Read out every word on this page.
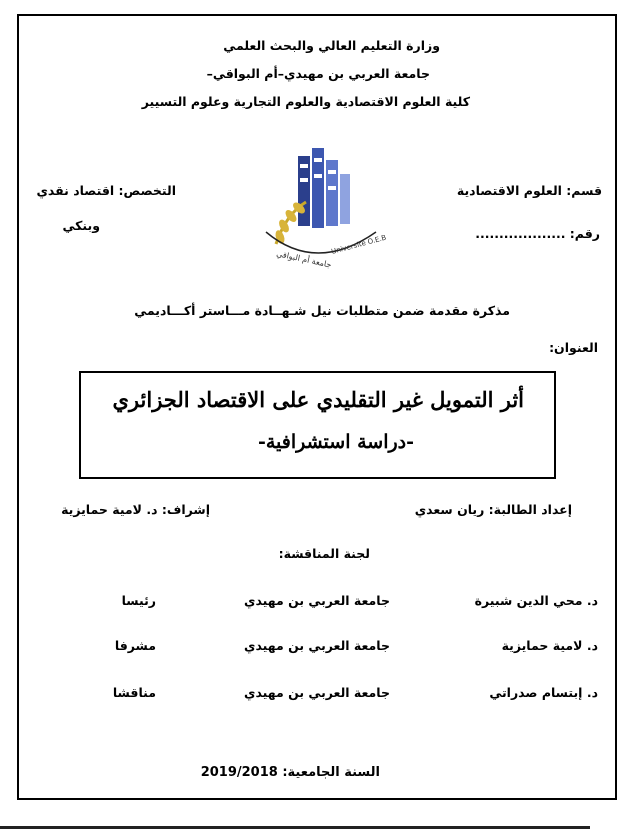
وزارة التعليم العالي والبحث العلمي
جامعة العربي بن مهيدي–أم البواقي–
كلية العلوم الاقتصادية والعلوم التجارية وعلوم التسيير
جامعة أم البواقي
Université O.E.B
قسم: العلوم الاقتصادية
التخصص: اقتصاد نقدي
وبنكي
رقم: ...................
مذكرة مقدمة ضمن متطلبات نيل شـهــادة مـــاستر أكـــاديمي
العنوان:
أثر التمويل غير التقليدي على الاقتصاد الجزائري
-دراسة استشرافية-
إعداد الطالبة: ريان سعدي
إشراف: د. لامية حمايزية
لجنة المناقشة:
د. محي الدين شبيرة
جامعة العربي بن مهيدي
رئيسا
د. لامية حمايزية
جامعة العربي بن مهيدي
مشرفا
د. إبتسام صدراتي
جامعة العربي بن مهيدي
مناقشا
السنة الجامعية: 2019/2018
